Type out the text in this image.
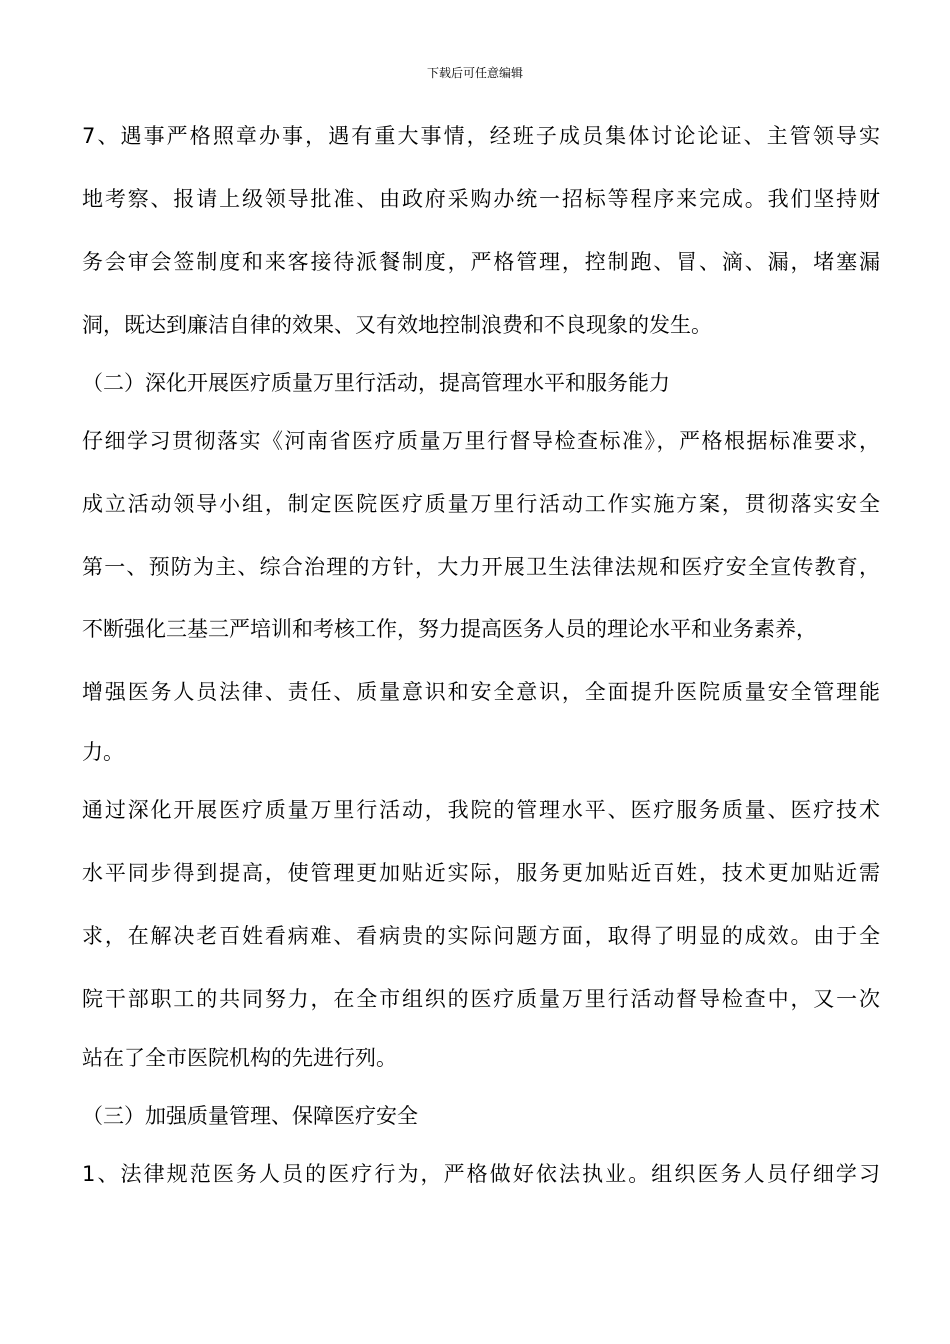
下载后可任意编辑
7、遇事严格照章办事，遇有重大事情，经班子成员集体讨论论证、主管领导实
地考察、报请上级领导批准、由政府采购办统一招标等程序来完成。我们坚持财
务会审会签制度和来客接待派餐制度，严格管理，控制跑、冒、滴、漏，堵塞漏
洞，既达到廉洁自律的效果、又有效地控制浪费和不良现象的发生。
（二）深化开展医疗质量万里行活动，提高管理水平和服务能力
仔细学习贯彻落实《河南省医疗质量万里行督导检查标准》，严格根据标准要求，
成立活动领导小组，制定医院医疗质量万里行活动工作实施方案，贯彻落实安全
第一、预防为主、综合治理的方针，大力开展卫生法律法规和医疗安全宣传教育，
不断强化三基三严培训和考核工作，努力提高医务人员的理论水平和业务素养，
增强医务人员法律、责任、质量意识和安全意识，全面提升医院质量安全管理能
力。
通过深化开展医疗质量万里行活动，我院的管理水平、医疗服务质量、医疗技术
水平同步得到提高，使管理更加贴近实际，服务更加贴近百姓，技术更加贴近需
求，在解决老百姓看病难、看病贵的实际问题方面，取得了明显的成效。由于全
院干部职工的共同努力，在全市组织的医疗质量万里行活动督导检查中，又一次
站在了全市医院机构的先进行列。
（三）加强质量管理、保障医疗安全
1、法律规范医务人员的医疗行为，严格做好依法执业。组织医务人员仔细学习
